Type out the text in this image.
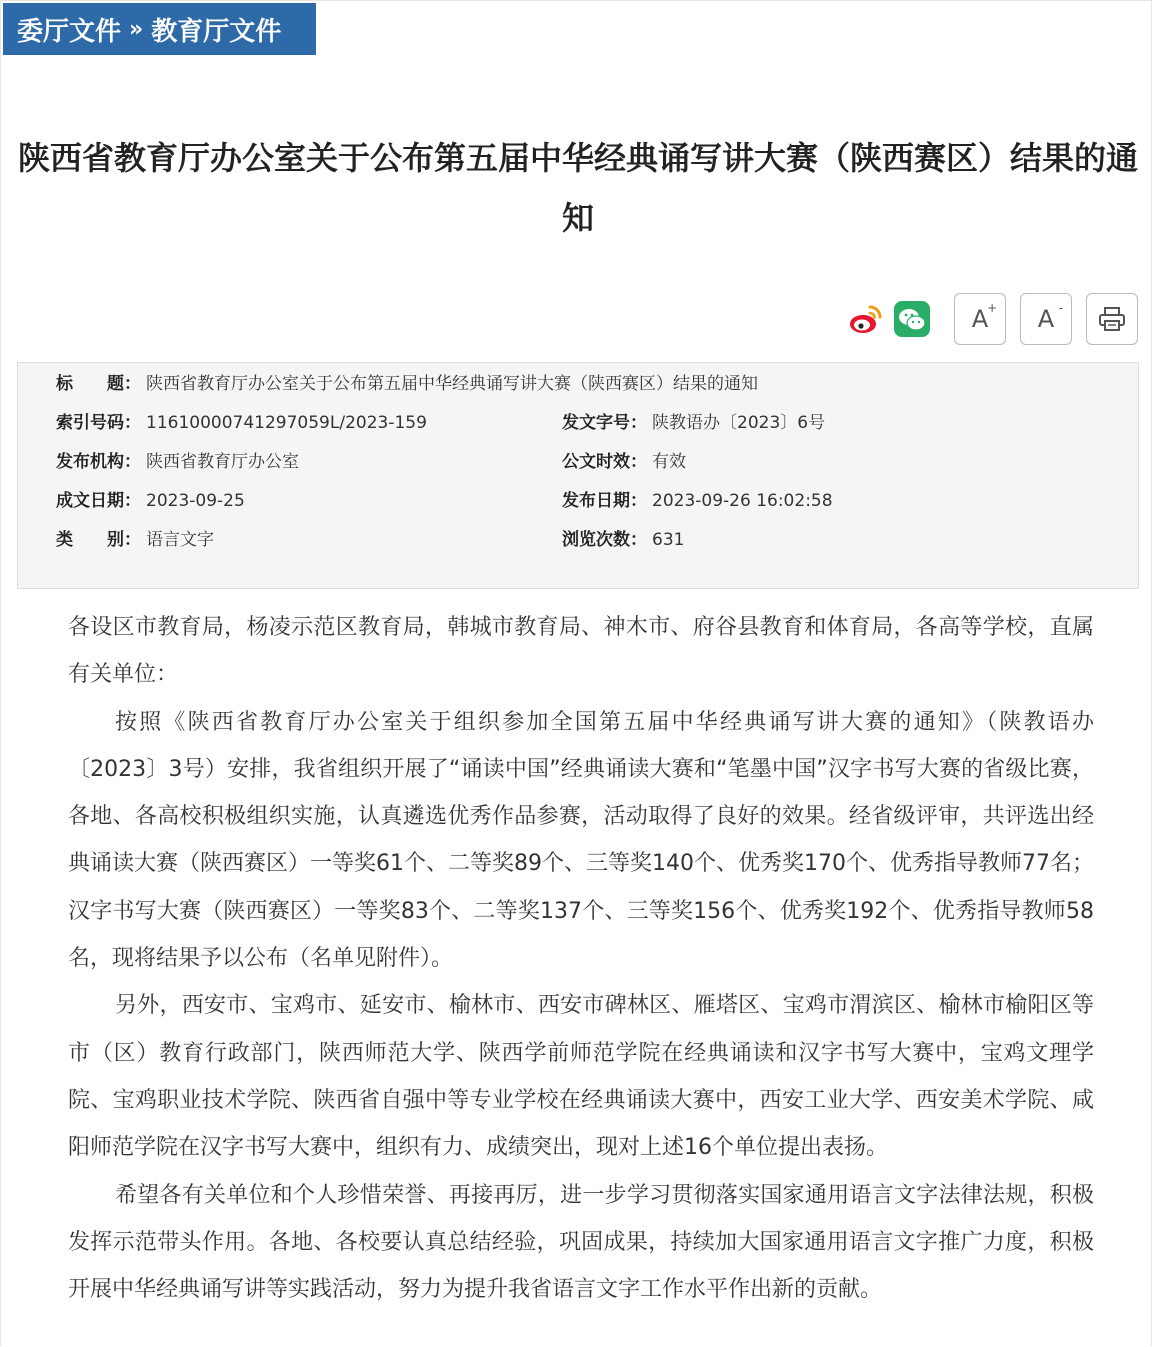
委厅文件 » 教育厅文件
陕西省教育厅办公室关于公布第五届中华经典诵写讲大赛（陕西赛区）结果的通知
A
+ A -
标　　题： 陕西省教育厅办公室关于公布第五届中华经典诵写讲大赛（陕西赛区）结果的通知
索引号码： 11610000741297059L/2023-159	发文字号： 陕教语办〔2023〕6号
发布机构： 陕西省教育厅办公室	公文时效： 有效
成文日期： 2023-09-25	发布日期： 2023-09-26 16:02:58
类　　别： 语言文字	浏览次数： 631

各设区市教育局，杨凌示范区教育局，韩城市教育局、神木市、府谷县教育和体育局，各高等学校，直属有关单位：

按照《陕西省教育厅办公室关于组织参加全国第五届中华经典诵写讲大赛的通知》（陕教语办〔2023〕3号）安排，我省组织开展了“诵读中国”经典诵读大赛和“笔墨中国”汉字书写大赛的省级比赛，各地、各高校积极组织实施，认真遴选优秀作品参赛，活动取得了良好的效果。经省级评审，共评选出经典诵读大赛（陕西赛区）一等奖61个、二等奖89个、三等奖140个、优秀奖170个、优秀指导教师77名；汉字书写大赛（陕西赛区）一等奖83个、二等奖137个、三等奖156个、优秀奖192个、优秀指导教师58名，现将结果予以公布（名单见附件）。

另外，西安市、宝鸡市、延安市、榆林市、西安市碑林区、雁塔区、宝鸡市渭滨区、榆林市榆阳区等市（区）教育行政部门，陕西师范大学、陕西学前师范学院在经典诵读和汉字书写大赛中，宝鸡文理学院、宝鸡职业技术学院、陕西省自强中等专业学校在经典诵读大赛中，西安工业大学、西安美术学院、咸阳师范学院在汉字书写大赛中，组织有力、成绩突出，现对上述16个单位提出表扬。

希望各有关单位和个人珍惜荣誉、再接再厉，进一步学习贯彻落实国家通用语言文字法律法规，积极发挥示范带头作用。各地、各校要认真总结经验，巩固成果，持续加大国家通用语言文字推广力度，积极开展中华经典诵写讲等实践活动，努力为提升我省语言文字工作水平作出新的贡献。
